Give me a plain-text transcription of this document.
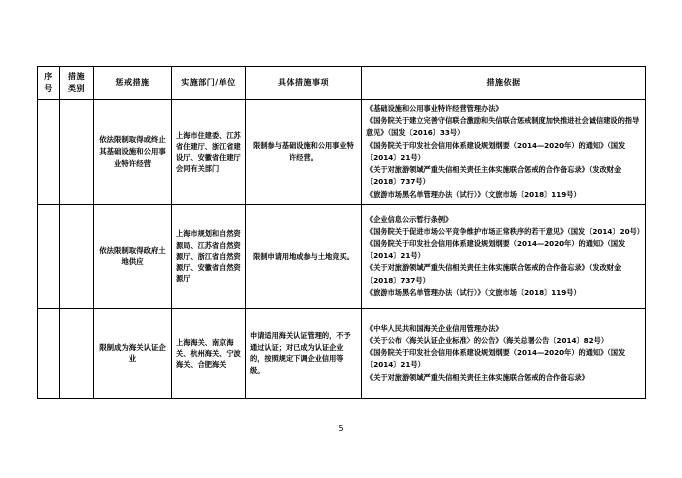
序号	措施类别	惩戒措施	实施部门/单位	具体措施事项	措施依据
		依法限制取得或终止其基础设施和公用事业特许经营	上海市住建委、江苏省住建厅、浙江省建设厅、安徽省住建厅会同有关部门	限制参与基础设施和公用事业特许经营。	《基础设施和公用事业特许经营管理办法》
《国务院关于建立完善守信联合激励和失信联合惩戒制度加快推进社会诚信建设的指导意见》（国发〔2016〕33号）
《国务院关于印发社会信用体系建设规划纲要（2014—2020年）的通知》（国发〔2014〕21号）
《关于对旅游领域严重失信相关责任主体实施联合惩戒的合作备忘录》（发改财金〔2018〕737号）
《旅游市场黑名单管理办法（试行）》（文旅市场〔2018〕119号）

		依法限制取得政府土地供应	上海市规划和自然资源局、江苏省自然资源厅、浙江省自然资源厅、安徽省自然资源厅	限制申请用地或参与土地竞买。	《企业信息公示暂行条例》
《国务院关于促进市场公平竞争维护市场正常秩序的若干意见》（国发〔2014〕20号）
《国务院关于印发社会信用体系建设规划纲要（2014—2020年）的通知》（国发〔2014〕21号）
《关于对旅游领域严重失信相关责任主体实施联合惩戒的合作备忘录》（发改财金〔2018〕737号）
《旅游市场黑名单管理办法（试行）》（文旅市场〔2018〕119号）

		限制成为海关认证企业	上海海关、南京海关、杭州海关、宁波海关、合肥海关	申请适用海关认证管理的，不予通过认证；对已成为认证企业的，按照规定下调企业信用等级。	《中华人民共和国海关企业信用管理办法》
《关于公布〈海关认证企业标准〉的公告》（海关总署公告〔2014〕82号）
《国务院关于印发社会信用体系建设规划纲要（2014—2020年）的通知》（国发〔2014〕21号）
《关于对旅游领域严重失信相关责任主体实施联合惩戒的合作备忘录》
5
